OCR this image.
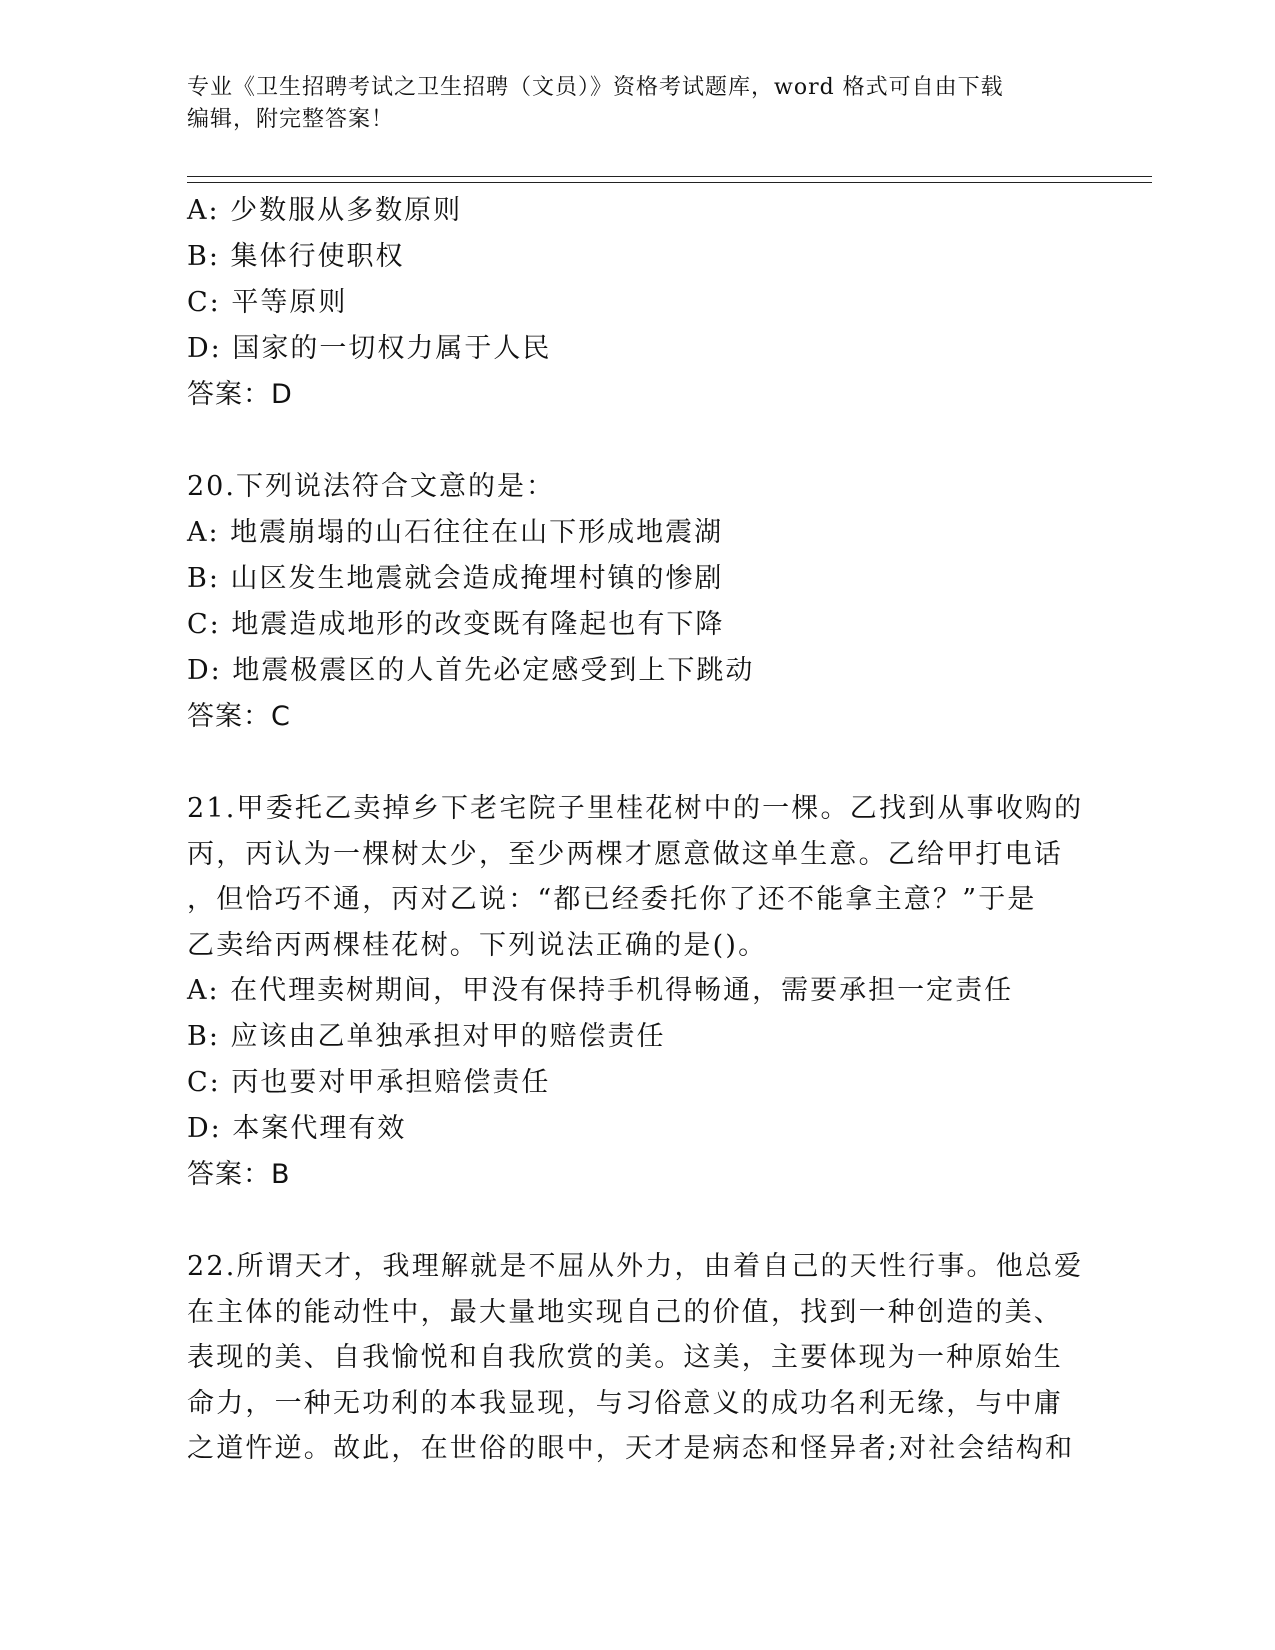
专业《卫生招聘考试之卫生招聘（文员）》资格考试题库，word 格式可自由下载
编辑，附完整答案！
A: 少数服从多数原则
B: 集体行使职权
C: 平等原则
D: 国家的一切权力属于人民
答案：D
20.下列说法符合文意的是：
A: 地震崩塌的山石往往在山下形成地震湖
B: 山区发生地震就会造成掩埋村镇的惨剧
C: 地震造成地形的改变既有隆起也有下降
D: 地震极震区的人首先必定感受到上下跳动
答案：C
21.甲委托乙卖掉乡下老宅院子里桂花树中的一棵。乙找到从事收购的
丙，丙认为一棵树太少，至少两棵才愿意做这单生意。乙给甲打电话
，但恰巧不通，丙对乙说：“都已经委托你了还不能拿主意？”于是
乙卖给丙两棵桂花树。下列说法正确的是()。
A: 在代理卖树期间，甲没有保持手机得畅通，需要承担一定责任
B: 应该由乙单独承担对甲的赔偿责任
C: 丙也要对甲承担赔偿责任
D: 本案代理有效
答案：B
22.所谓天才，我理解就是不屈从外力，由着自己的天性行事。他总爱
在主体的能动性中，最大量地实现自己的价值，找到一种创造的美、
表现的美、自我愉悦和自我欣赏的美。这美，主要体现为一种原始生
命力，一种无功利的本我显现，与习俗意义的成功名利无缘，与中庸
之道忤逆。故此，在世俗的眼中，天才是病态和怪异者;对社会结构和
